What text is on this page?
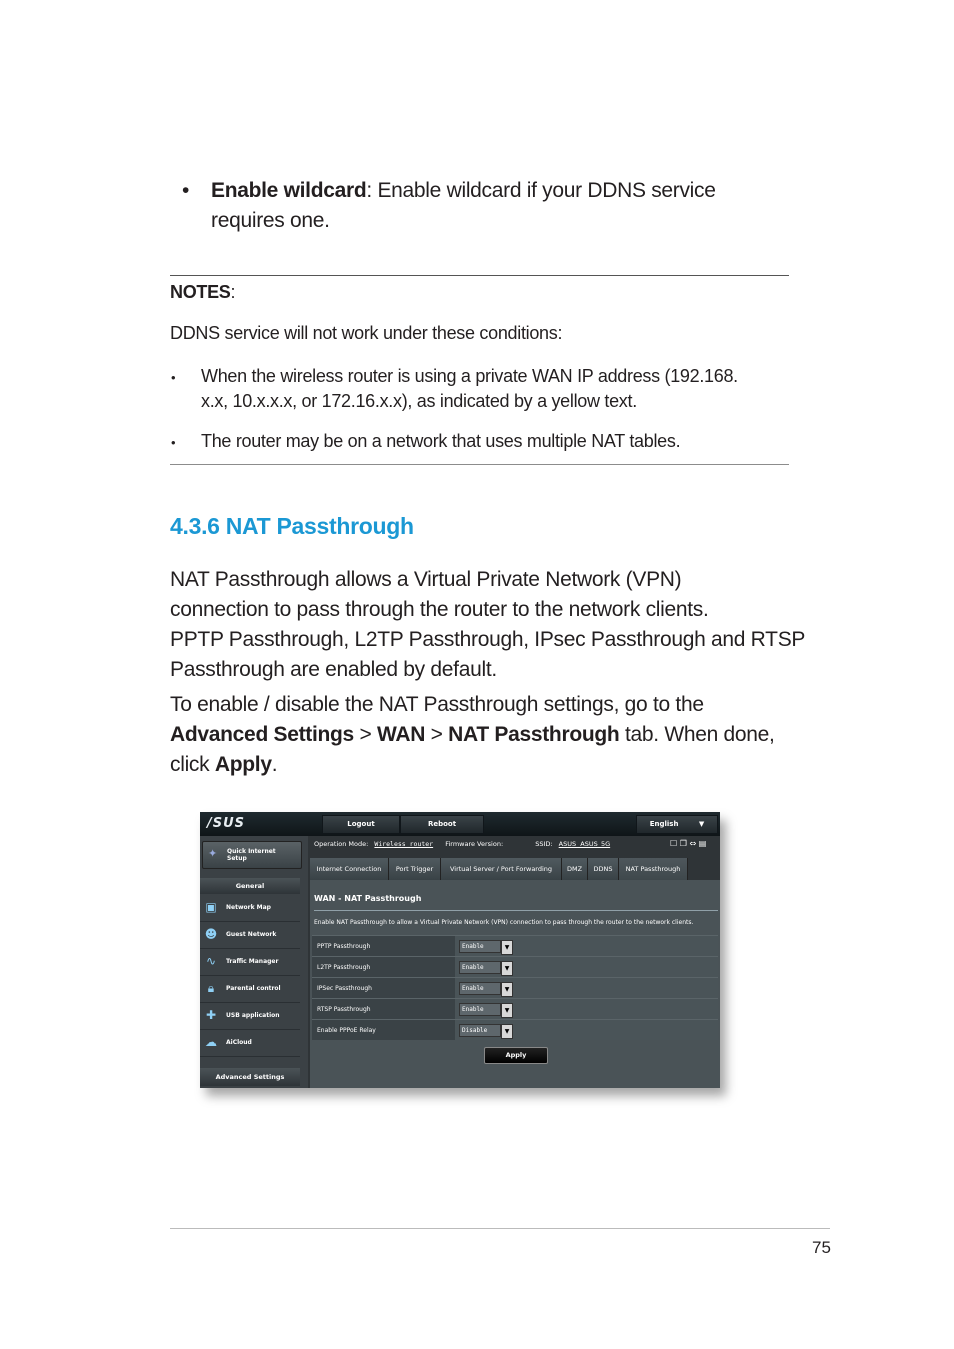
• Enable wildcard: Enable wildcard if your DDNS service
requires one.
NOTES:
DDNS service will not work under these conditions:
• When the wireless router is using a private WAN IP address (192.168.
x.x, 10.x.x.x, or 172.16.x.x), as indicated by a yellow text.
• The router may be on a network that uses multiple NAT tables.
4.3.6 NAT Passthrough
NAT Passthrough allows a Virtual Private Network (VPN)
connection to pass through the router to the network clients.
PPTP Passthrough, L2TP Passthrough, IPsec Passthrough and RTSP
Passthrough are enabled by default.
To enable / disable the NAT Passthrough settings, go to the
Advanced Settings > WAN > NAT Passthrough tab. When done,
click Apply.
/SUS	Logout	Reboot	English	▼
✦ Quick Internet Setup
General
▣ Network Map
☻ Guest Network
∿	Traffic Manager
🔒︎	Parental control
✚	USB application
☁ AiCloud
Advanced Settings
Operation Mode: Wireless router Firmware Version:	SSID: ASUS  ASUS_5G	☐ ❐ ⇔ ▤
Internet Connection	Port Trigger	Virtual Server / Port Forwarding	DMZ	DDNS	NAT Passthrough
WAN - NAT Passthrough
Enable NAT Passthrough to allow a Virtual Private Network (VPN) connection to pass through the router to the network clients.
PPTP Passthrough	Enable	▼
L2TP Passthrough	Enable	▼
IPSec Passthrough	Enable	▼
RTSP Passthrough	Enable	▼
Enable PPPoE Relay	Disable	▼
Apply
75
